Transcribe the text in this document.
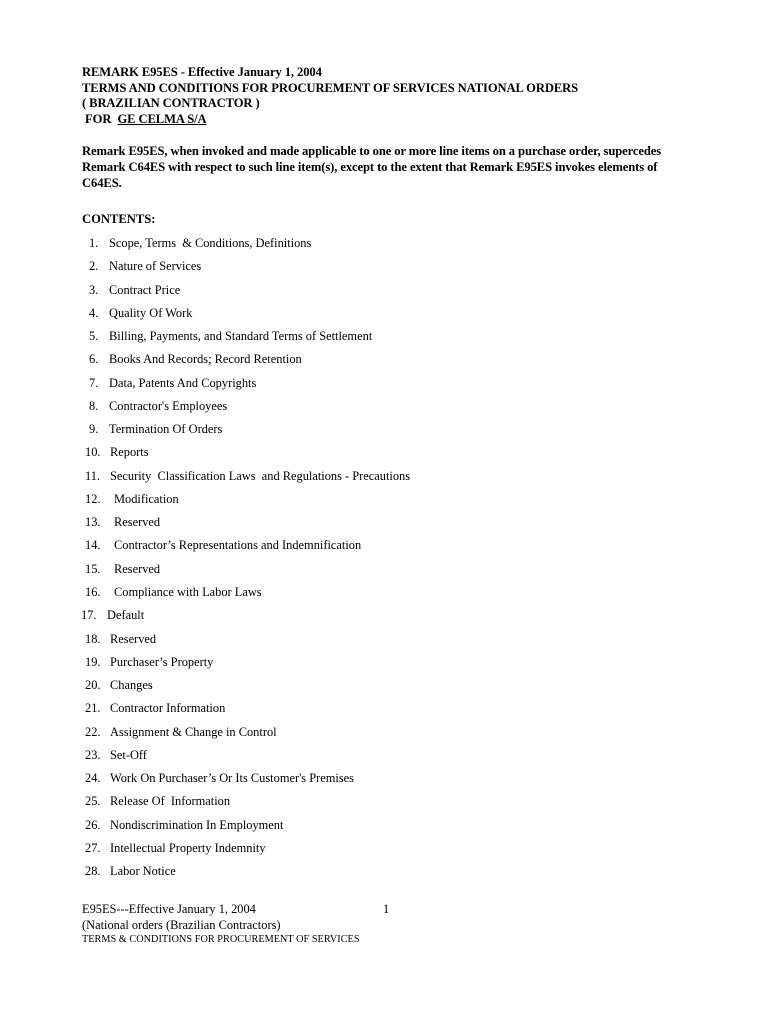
REMARK E95ES - Effective January 1, 2004
TERMS AND CONDITIONS FOR PROCUREMENT OF SERVICES NATIONAL ORDERS
( BRAZILIAN CONTRACTOR )
FOR  GE CELMA S/A
Remark E95ES, when invoked and made applicable to one or more line items on a purchase order, supercedes Remark C64ES with respect to such line item(s), except to the extent that Remark E95ES invokes elements of C64ES.
CONTENTS:
1. Scope, Terms  & Conditions, Definitions
2. Nature of Services
3. Contract Price
4. Quality Of Work
5. Billing, Payments, and Standard Terms of Settlement
6. Books And Records; Record Retention
7. Data, Patents And Copyrights
8. Contractor's Employees
9. Termination Of Orders
10. Reports
11. Security  Classification Laws  and Regulations - Precautions
12. Modification
13. Reserved
14. Contractor’s Representations and Indemnification
15. Reserved
16. Compliance with Labor Laws
17. Default
18. Reserved
19. Purchaser’s Property
20. Changes
21. Contractor Information
22. Assignment & Change in Control
23. Set-Off
24. Work On Purchaser’s Or Its Customer's Premises
25. Release Of  Information
26. Nondiscrimination In Employment
27. Intellectual Property Indemnity
28. Labor Notice
E95ES---Effective January 1, 2004	1
(National orders (Brazilian Contractors)
TERMS & CONDITIONS FOR PROCUREMENT OF SERVICES
